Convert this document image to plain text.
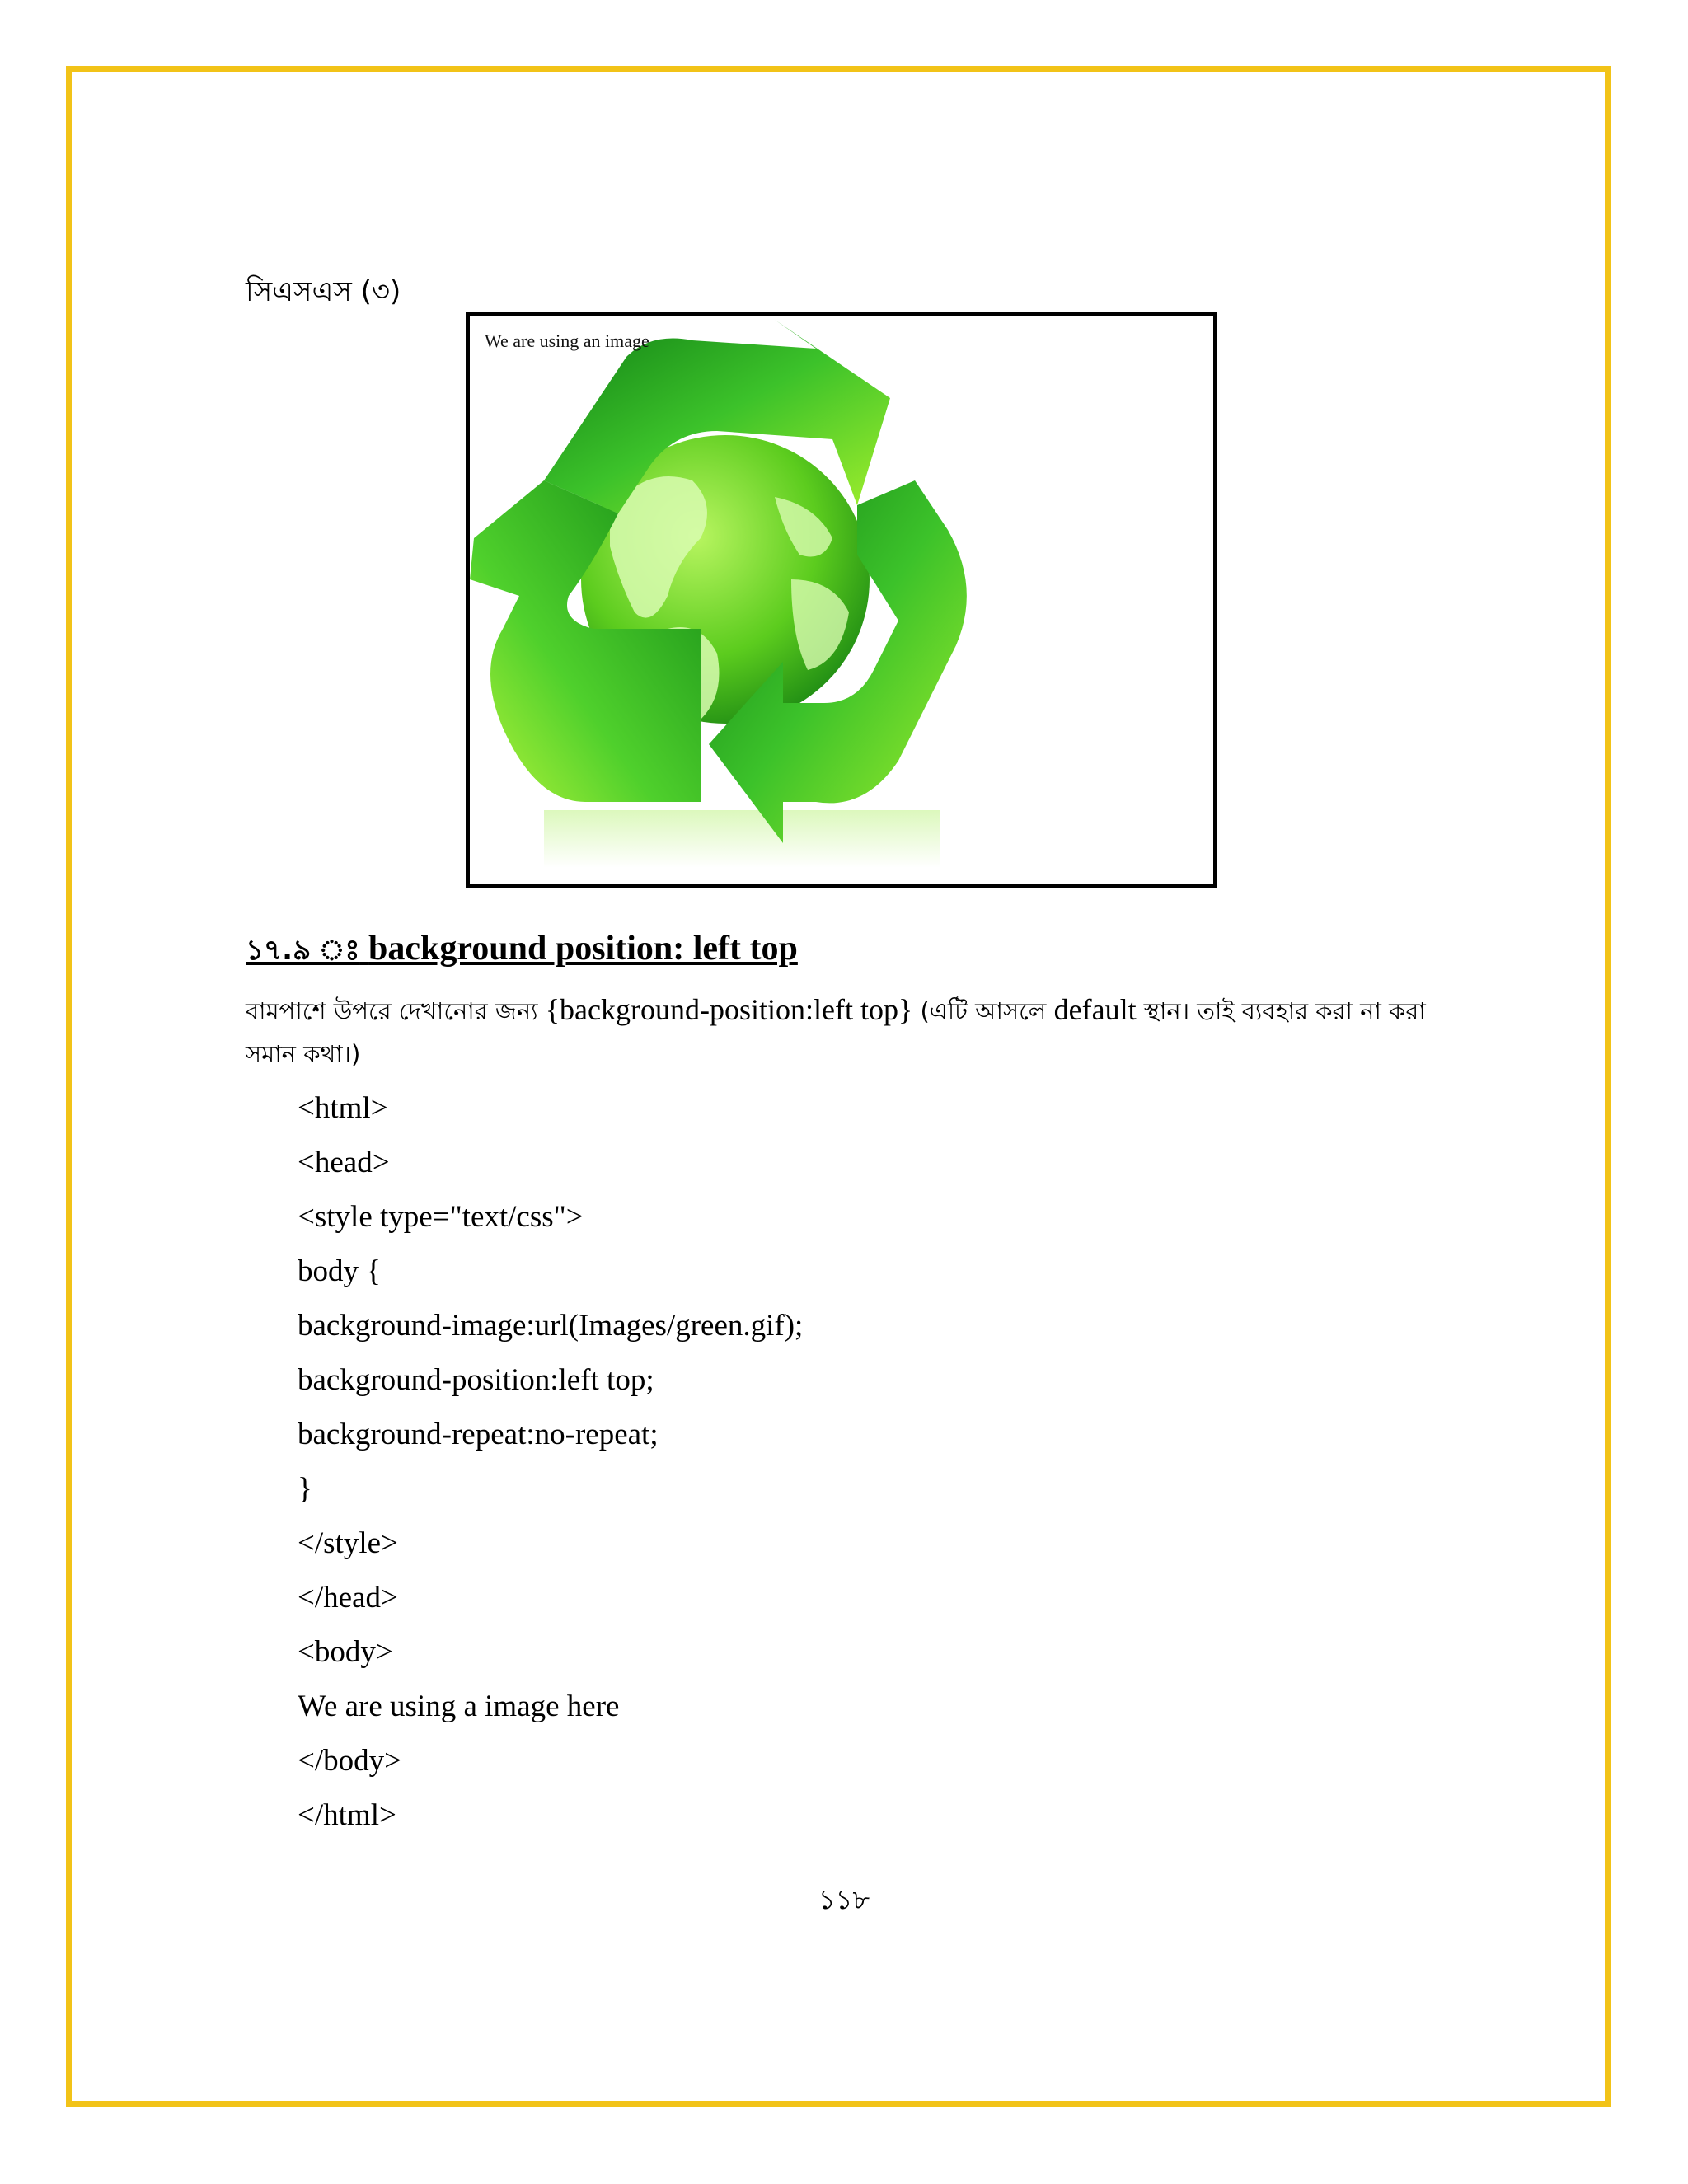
সিএসএস (৩)
We are using an image
১৭.৯ ঃ background position: left top
বামপাশে উপরে দেখানোর জন্য {background-position:left top} (এটি আসলে default স্থান। তাই ব্যবহার করা না করা সমান কথা।)
<html>
<head>
<style type="text/css">
body {
background-image:url(Images/green.gif);
background-position:left top;
background-repeat:no-repeat;
}
</style>
</head>
<body>
We are using a image here
</body>
</html>
১১৮
